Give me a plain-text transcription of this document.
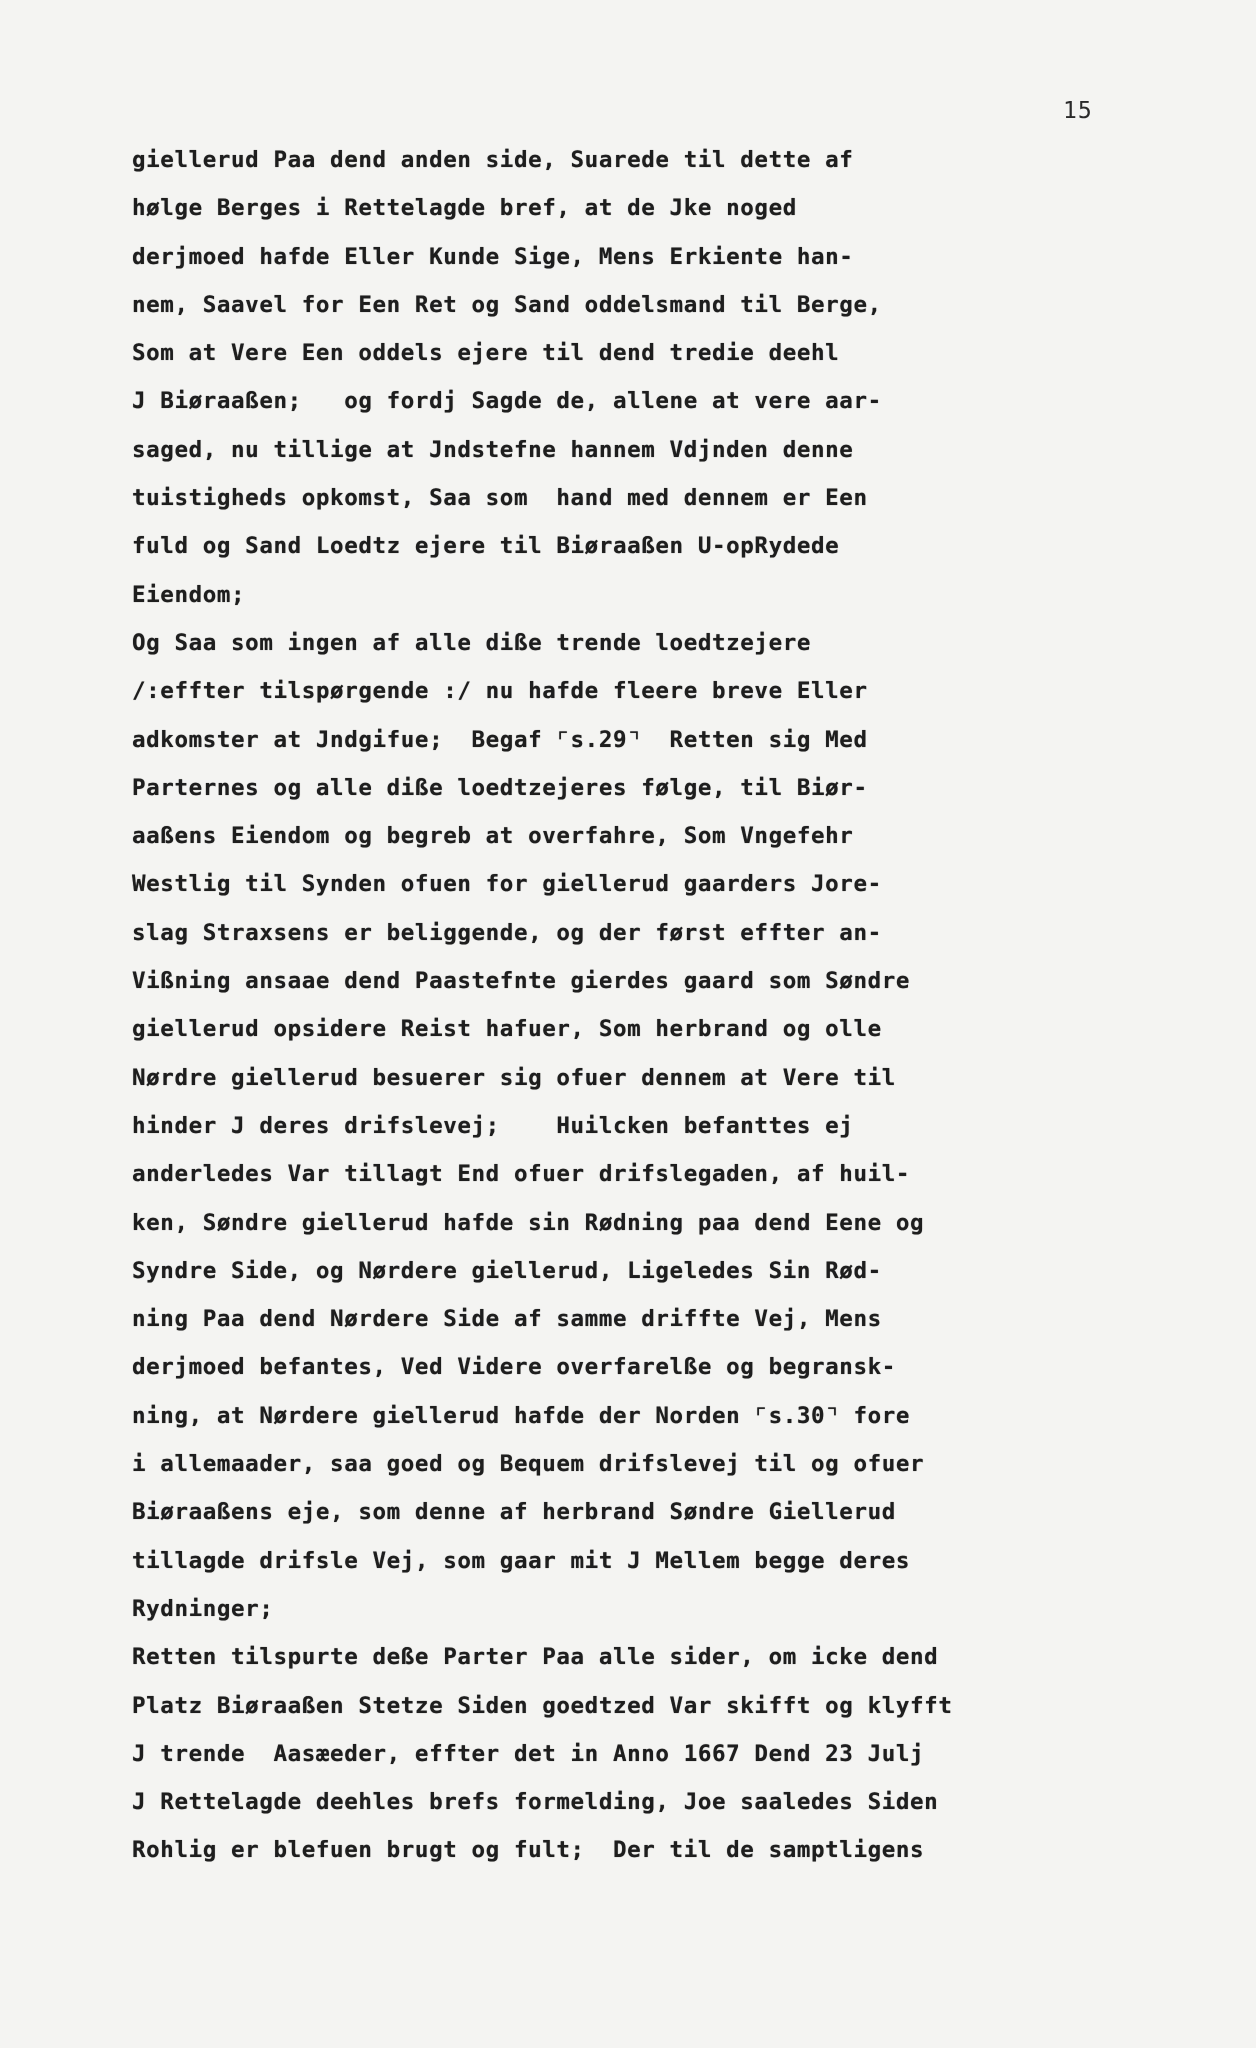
15
giellerud Paa dend anden side, Suarede til dette af
hølge Berges i Rettelagde bref, at de Jke noged
derjmoed hafde Eller Kunde Sige, Mens Erkiente han-
nem, Saavel for Een Ret og Sand oddelsmand til Berge,
Som at Vere Een oddels ejere til dend tredie deehl
J Biøraaßen;   og fordj Sagde de, allene at vere aar-
saged, nu tillige at Jndstefne hannem Vdjnden denne
tuistigheds opkomst, Saa som  hand med dennem er Een
fuld og Sand Loedtz ejere til Biøraaßen U-opRydede
Eiendom;
Og Saa som ingen af alle diße trende loedtzejere
/:effter tilspørgende :/ nu hafde fleere breve Eller
adkomster at Jndgifue;  Begaf ⌜s.29⌝  Retten sig Med
Parternes og alle diße loedtzejeres følge, til Biør-
aaßens Eiendom og begreb at overfahre, Som Vngefehr
Westlig til Synden ofuen for giellerud gaarders Jore-
slag Straxsens er beliggende, og der først effter an-
Vißning ansaae dend Paastefnte gierdes gaard som Søndre
giellerud opsidere Reist hafuer, Som herbrand og olle
Nørdre giellerud besuerer sig ofuer dennem at Vere til
hinder J deres drifslevej;    Huilcken befanttes ej
anderledes Var tillagt End ofuer drifslegaden, af huil-
ken, Søndre giellerud hafde sin Rødning paa dend Eene og
Syndre Side, og Nørdere giellerud, Ligeledes Sin Rød-
ning Paa dend Nørdere Side af samme driffte Vej, Mens
derjmoed befantes, Ved Videre overfarelße og begransk-
ning, at Nørdere giellerud hafde der Norden ⌜s.30⌝ fore
i allemaader, saa goed og Bequem drifslevej til og ofuer
Biøraaßens eje, som denne af herbrand Søndre Giellerud
tillagde drifsle Vej, som gaar mit J Mellem begge deres
Rydninger;
Retten tilspurte deße Parter Paa alle sider, om icke dend
Platz Biøraaßen Stetze Siden goedtzed Var skifft og klyfft
J trende  Aasæeder, effter det in Anno 1667 Dend 23 Julj
J Rettelagde deehles brefs formelding, Joe saaledes Siden
Rohlig er blefuen brugt og fult;  Der til de samptligens
